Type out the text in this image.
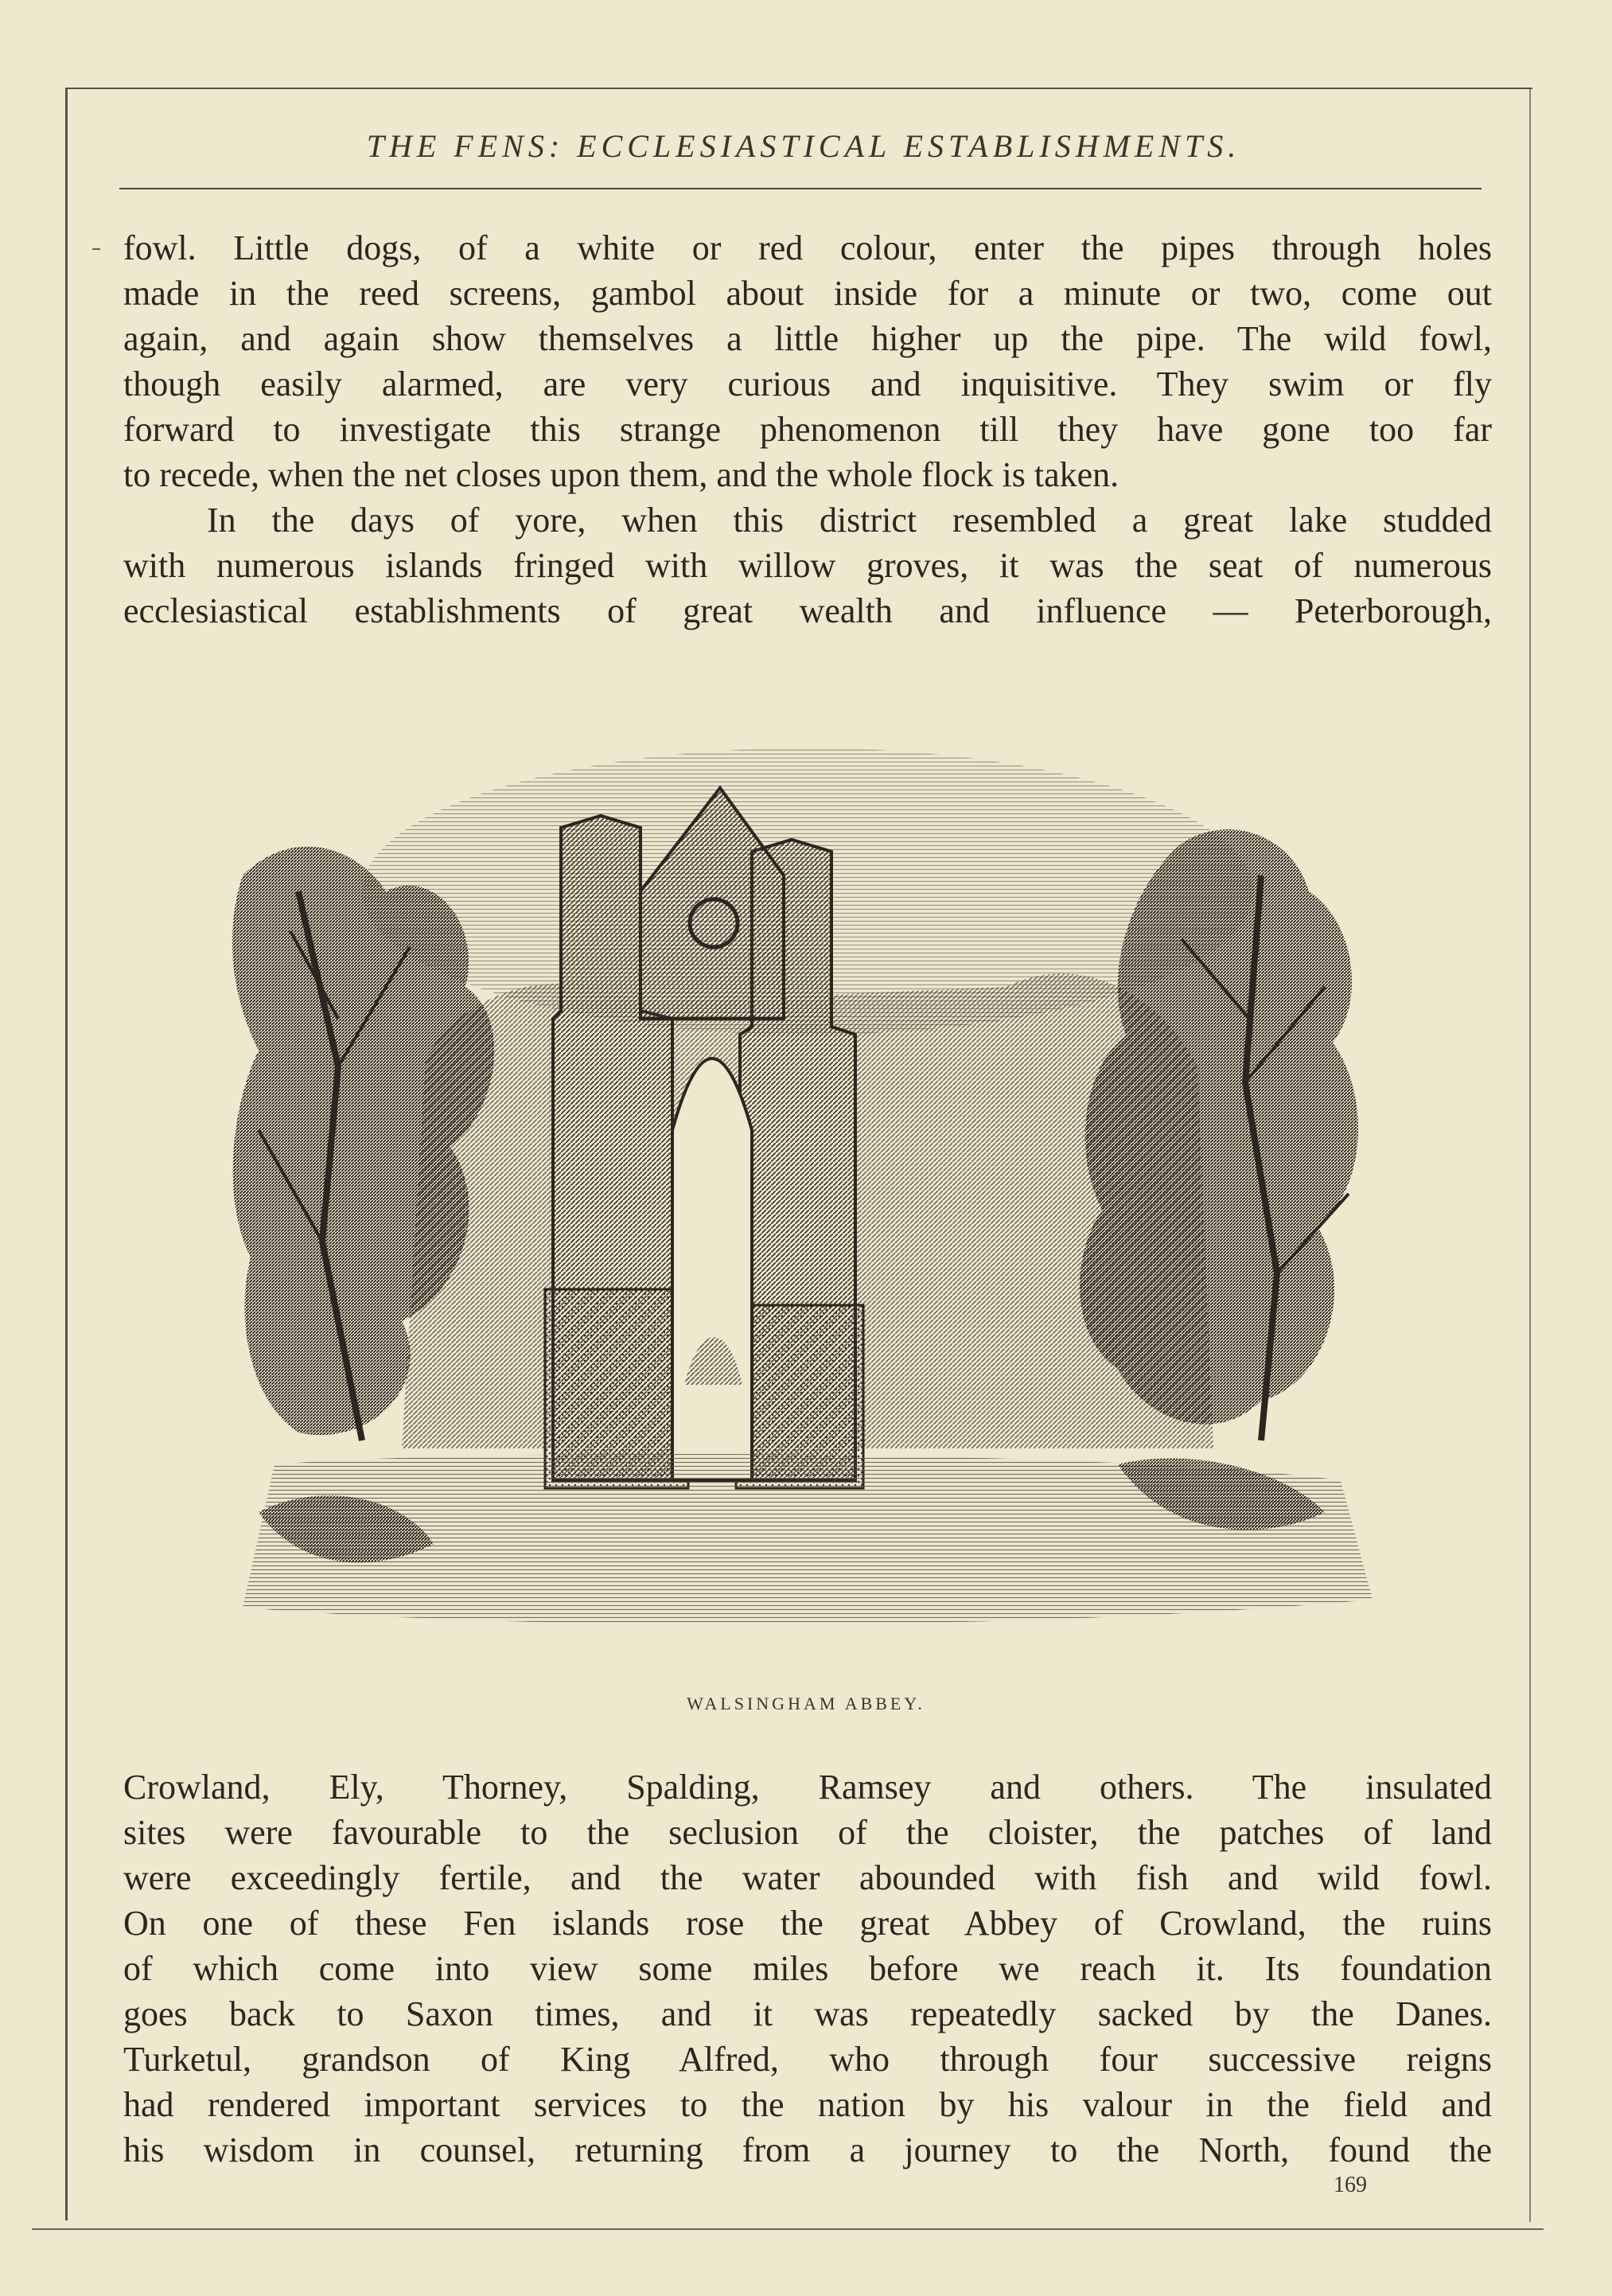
THE FENS: ECCLESIASTICAL ESTABLISHMENTS.
fowl. Little dogs, of a white or red colour, enter the pipes through holes
made in the reed screens, gambol about inside for a minute or two, come out
again, and again show themselves a little higher up the pipe. The wild fowl,
though easily alarmed, are very curious and inquisitive. They swim or fly
forward to investigate this strange phenomenon till they have gone too far
to recede, when the net closes upon them, and the whole flock is taken.
In the days of yore, when this district resembled a great lake studded
with numerous islands fringed with willow groves, it was the seat of numerous
ecclesiastical establishments of great wealth and influence — Peterborough,
WALSINGHAM ABBEY.
Crowland, Ely, Thorney, Spalding, Ramsey and others. The insulated
sites were favourable to the seclusion of the cloister, the patches of land
were exceedingly fertile, and the water abounded with fish and wild fowl.
On one of these Fen islands rose the great Abbey of Crowland, the ruins
of which come into view some miles before we reach it. Its foundation
goes back to Saxon times, and it was repeatedly sacked by the Danes.
Turketul, grandson of King Alfred, who through four successive reigns
had rendered important services to the nation by his valour in the field and
his wisdom in counsel, returning from a journey to the North, found the
169
